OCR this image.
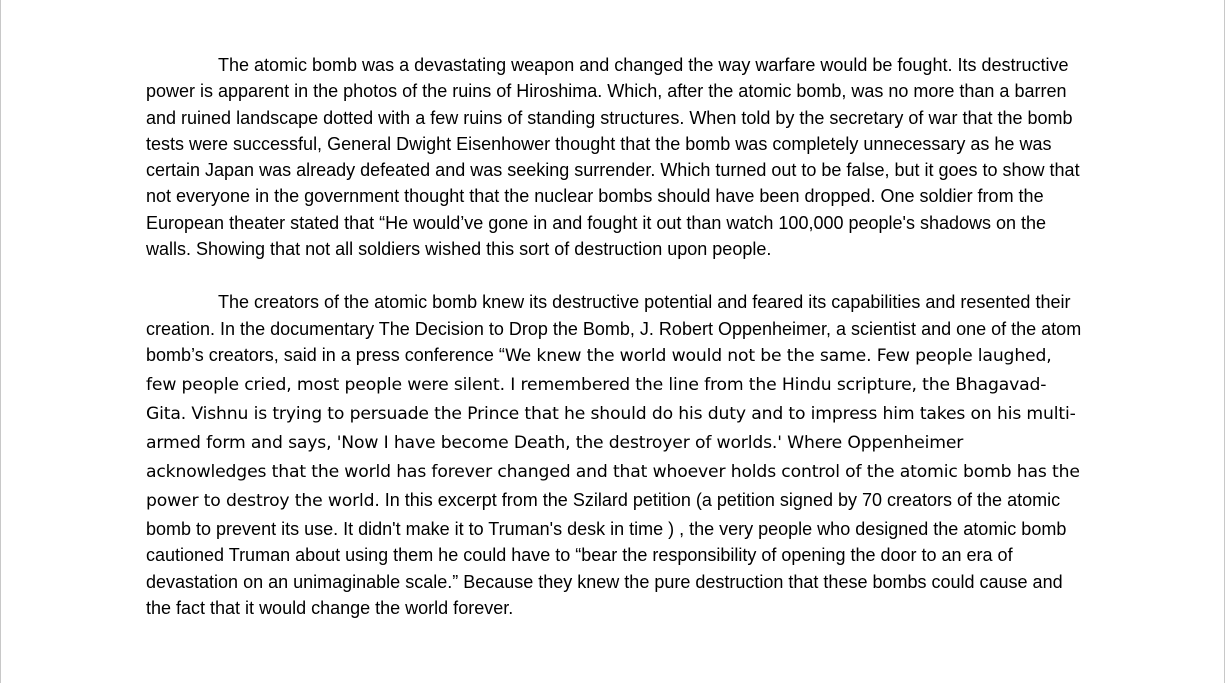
The atomic bomb was a devastating weapon and changed the way warfare would be fought. Its destructive power is apparent in the photos of the ruins of Hiroshima. Which, after the atomic bomb, was no more than a barren and ruined landscape dotted with a few ruins of standing structures. When told by the secretary of war that the bomb tests were successful, General Dwight Eisenhower thought that the bomb was completely unnecessary as he was certain Japan was already defeated and was seeking surrender. Which turned out to be false, but it goes to show that not everyone in the government thought that the nuclear bombs should have been dropped. One soldier from the European theater stated that “He would’ve gone in and fought it out than watch 100,000 people's shadows on the walls. Showing that not all soldiers wished this sort of destruction upon people.

The creators of the atomic bomb knew its destructive potential and feared its capabilities and resented their creation. In the documentary The Decision to Drop the Bomb, J. Robert Oppenheimer, a scientist and one of the atom bomb’s creators, said in a press conference “We knew the world would not be the same. Few people laughed, few people cried, most people were silent. I remembered the line from the Hindu scripture, the Bhagavad-Gita. Vishnu is trying to persuade the Prince that he should do his duty and to impress him takes on his multi-armed form and says, 'Now I have become Death, the destroyer of worlds.' Where Oppenheimer acknowledges that the world has forever changed and that whoever holds control of the atomic bomb has the power to destroy the world. In this excerpt from the Szilard petition (a petition signed by 70 creators of the atomic bomb to prevent its use. It didn't make it to Truman's desk in time ) , the very people who designed the atomic bomb cautioned Truman about using them he could have to “bear the responsibility of opening the door to an era of devastation on an unimaginable scale.” Because they knew the pure destruction that these bombs could cause and the fact that it would change the world forever.
